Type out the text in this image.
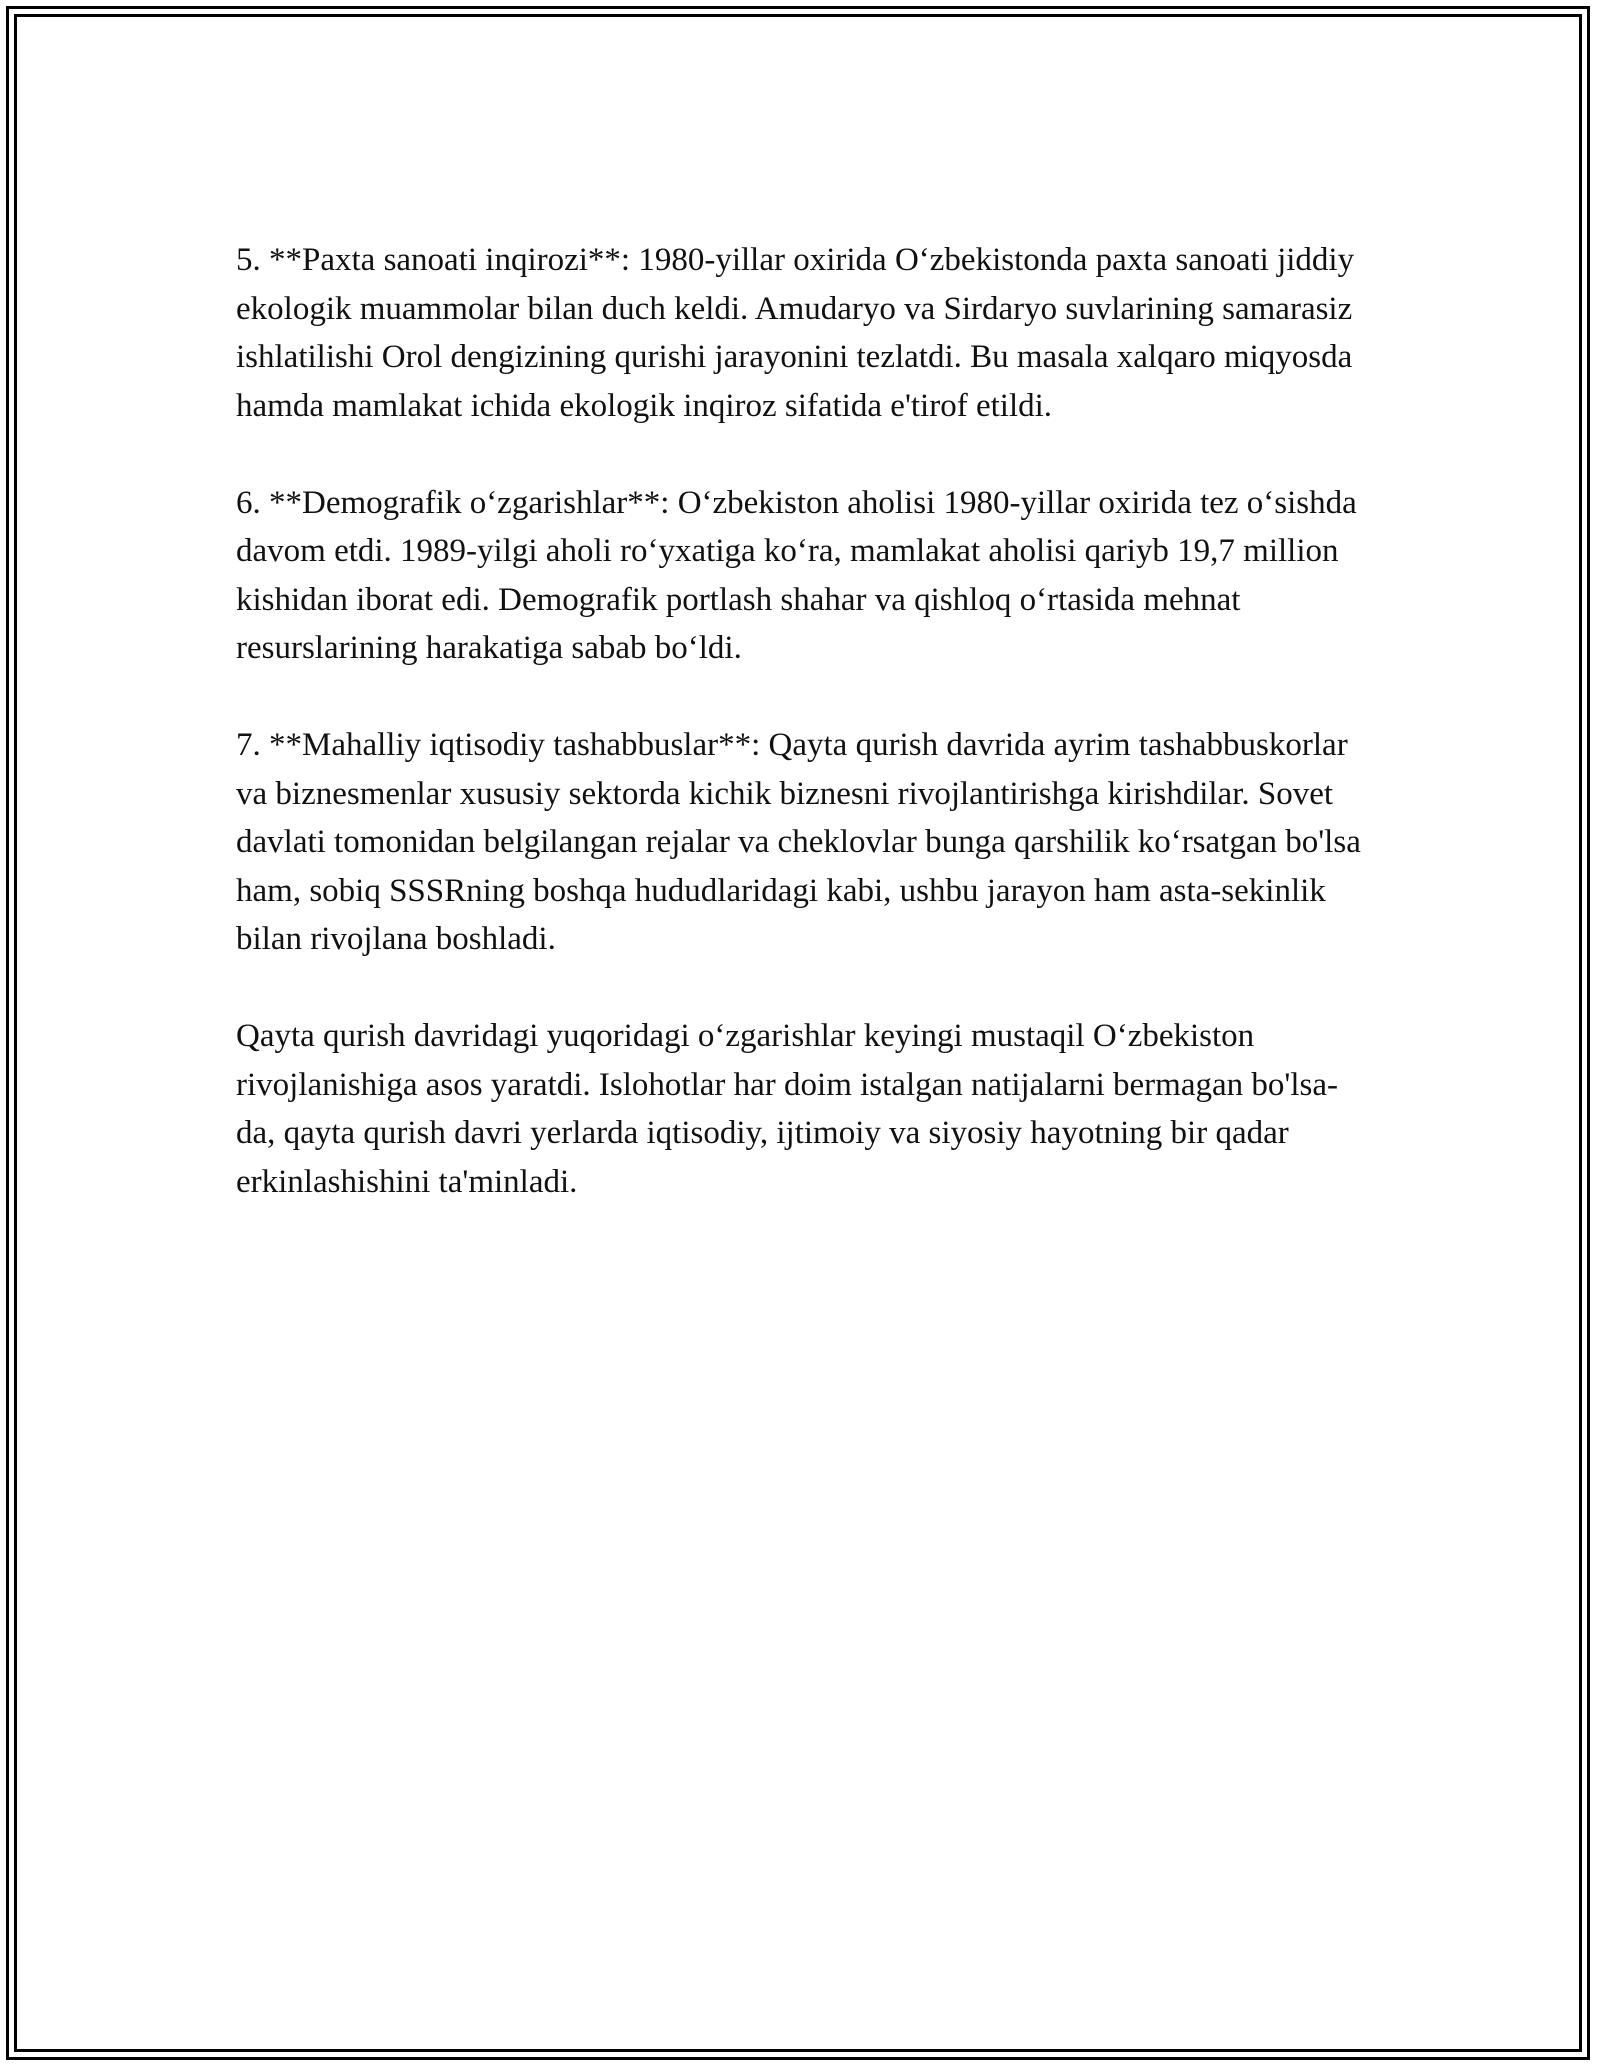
5. **Paxta sanoati inqirozi**: 1980-yillar oxirida O‘zbekistonda paxta sanoati jiddiy ekologik muammolar bilan duch keldi. Amudaryo va Sirdaryo suvlarining samarasiz ishlatilishi Orol dengizining qurishi jarayonini tezlatdi. Bu masala xalqaro miqyosda hamda mamlakat ichida ekologik inqiroz sifatida e'tirof etildi.

6. **Demografik o‘zgarishlar**: O‘zbekiston aholisi 1980-yillar oxirida tez o‘sishda davom etdi. 1989-yilgi aholi ro‘yxatiga ko‘ra, mamlakat aholisi qariyb 19,7 million kishidan iborat edi. Demografik portlash shahar va qishloq o‘rtasida mehnat resurslarining harakatiga sabab bo‘ldi.

7. **Mahalliy iqtisodiy tashabbuslar**: Qayta qurish davrida ayrim tashabbuskorlar va biznesmenlar xususiy sektorda kichik biznesni rivojlantirishga kirishdilar. Sovet davlati tomonidan belgilangan rejalar va cheklovlar bunga qarshilik ko‘rsatgan bo'lsa ham, sobiq SSSRning boshqa hududlaridagi kabi, ushbu jarayon ham asta-sekinlik bilan rivojlana boshladi.

Qayta qurish davridagi yuqoridagi o‘zgarishlar keyingi mustaqil O‘zbekiston rivojlanishiga asos yaratdi. Islohotlar har doim istalgan natijalarni bermagan bo'lsa-da, qayta qurish davri yerlarda iqtisodiy, ijtimoiy va siyosiy hayotning bir qadar erkinlashishini ta'minladi.
